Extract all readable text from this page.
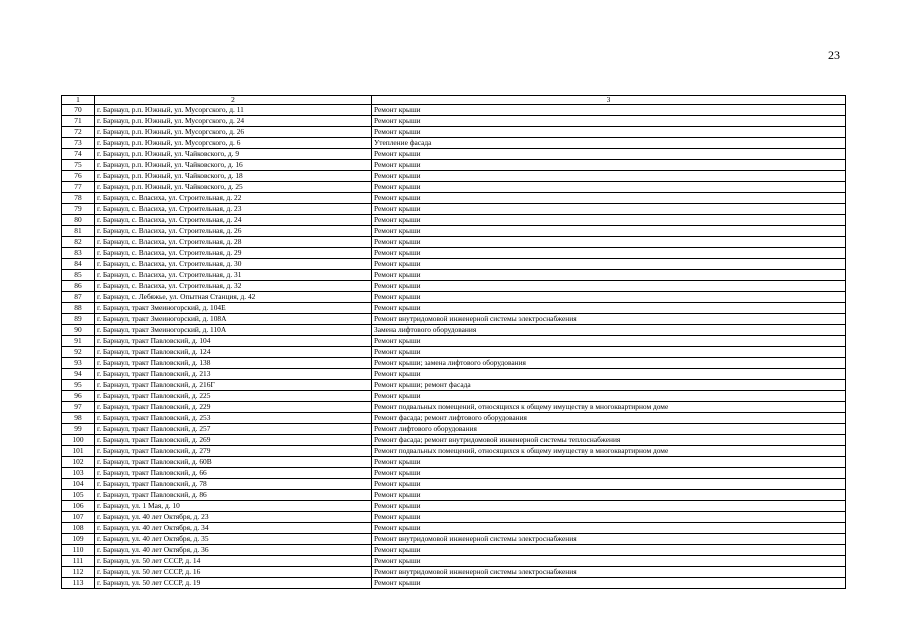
23
1	2	3
70	г. Барнаул, р.п. Южный, ул. Мусоргского, д. 11	Ремонт крыши
71	г. Барнаул, р.п. Южный, ул. Мусоргского, д. 24	Ремонт крыши
72	г. Барнаул, р.п. Южный, ул. Мусоргского, д. 26	Ремонт крыши
73	г. Барнаул, р.п. Южный, ул. Мусоргского, д. 6	Утепление фасада
74	г. Барнаул, р.п. Южный, ул. Чайковского, д. 9	Ремонт крыши
75	г. Барнаул, р.п. Южный, ул. Чайковского, д. 16	Ремонт крыши
76	г. Барнаул, р.п. Южный, ул. Чайковского, д. 18	Ремонт крыши
77	г. Барнаул, р.п. Южный, ул. Чайковского, д. 25	Ремонт крыши
78	г. Барнаул, с. Власиха, ул. Строительная, д. 22	Ремонт крыши
79	г. Барнаул, с. Власиха, ул. Строительная, д. 23	Ремонт крыши
80	г. Барнаул, с. Власиха, ул. Строительная, д. 24	Ремонт крыши
81	г. Барнаул, с. Власиха, ул. Строительная, д. 26	Ремонт крыши
82	г. Барнаул, с. Власиха, ул. Строительная, д. 28	Ремонт крыши
83	г. Барнаул, с. Власиха, ул. Строительная, д. 29	Ремонт крыши
84	г. Барнаул, с. Власиха, ул. Строительная, д. 30	Ремонт крыши
85	г. Барнаул, с. Власиха, ул. Строительная, д. 31	Ремонт крыши
86	г. Барнаул, с. Власиха, ул. Строительная, д. 32	Ремонт крыши
87	г. Барнаул, с. Лебяжье, ул. Опытная Станция, д. 42	Ремонт крыши
88	г. Барнаул, тракт Змеиногорский, д. 104Е	Ремонт крыши
89	г. Барнаул, тракт Змеиногорский, д. 108А	Ремонт внутридомовой инженерной системы электроснабжения
90	г. Барнаул, тракт Змеиногорский, д. 110А	Замена лифтового оборудования
91	г. Барнаул, тракт Павловский, д. 104	Ремонт крыши
92	г. Барнаул, тракт Павловский, д. 124	Ремонт крыши
93	г. Барнаул, тракт Павловский, д. 138	Ремонт крыши; замена лифтового оборудования
94	г. Барнаул, тракт Павловский, д. 213	Ремонт крыши
95	г. Барнаул, тракт Павловский, д. 216Г	Ремонт крыши; ремонт фасада
96	г. Барнаул, тракт Павловский, д. 225	Ремонт крыши
97	г. Барнаул, тракт Павловский, д. 229	Ремонт подвальных помещений, относящихся к общему имуществу в многоквартирном доме
98	г. Барнаул, тракт Павловский, д. 253	Ремонт фасада; ремонт лифтового оборудования
99	г. Барнаул, тракт Павловский, д. 257	Ремонт лифтового оборудования
100	г. Барнаул, тракт Павловский, д. 269	Ремонт фасада; ремонт внутридомовой инженерной системы теплоснабжения
101	г. Барнаул, тракт Павловский, д. 279	Ремонт подвальных помещений, относящихся к общему имуществу в многоквартирном доме
102	г. Барнаул, тракт Павловский, д. 60В	Ремонт крыши
103	г. Барнаул, тракт Павловский, д. 66	Ремонт крыши
104	г. Барнаул, тракт Павловский, д. 78	Ремонт крыши
105	г. Барнаул, тракт Павловский, д. 86	Ремонт крыши
106	г. Барнаул, ул. 1 Мая, д. 10	Ремонт крыши
107	г. Барнаул, ул. 40 лет Октября, д. 23	Ремонт крыши
108	г. Барнаул, ул. 40 лет Октября, д. 34	Ремонт крыши
109	г. Барнаул, ул. 40 лет Октября, д. 35	Ремонт внутридомовой инженерной системы электроснабжения
110	г. Барнаул, ул. 40 лет Октября, д. 36	Ремонт крыши
111	г. Барнаул, ул. 50 лет СССР, д. 14	Ремонт крыши
112	г. Барнаул, ул. 50 лет СССР, д. 16	Ремонт внутридомовой инженерной системы электроснабжения
113	г. Барнаул, ул. 50 лет СССР, д. 19	Ремонт крыши
